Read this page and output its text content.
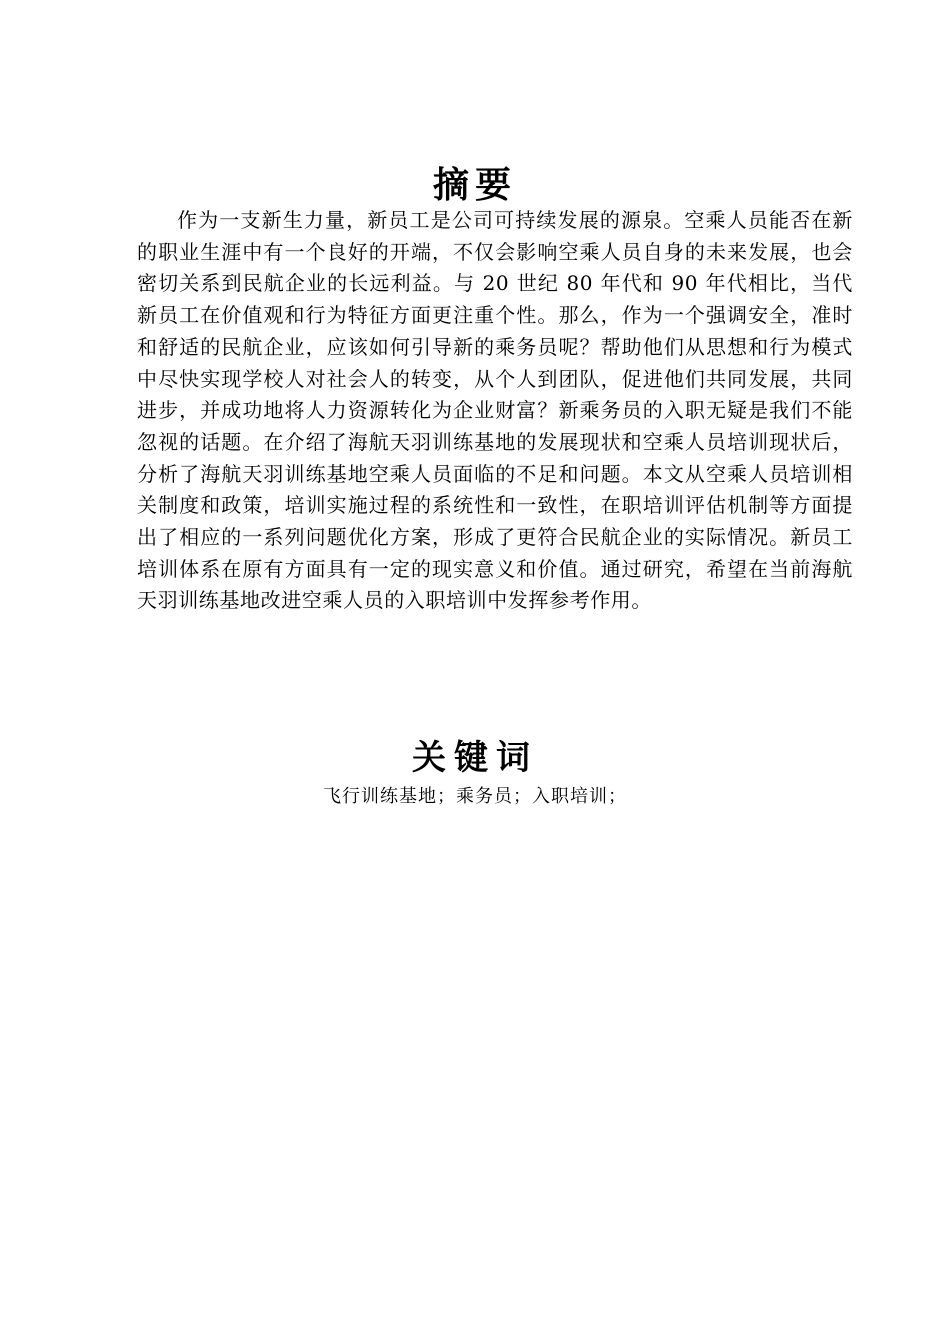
摘要

作为一支新生力量，新员工是公司可持续发展的源泉。空乘人员能否在新的职业生涯中有一个良好的开端，不仅会影响空乘人员自身的未来发展，也会密切关系到民航企业的长远利益。与 20 世纪 80 年代和 90 年代相比，当代新员工在价值观和行为特征方面更注重个性。那么，作为一个强调安全，准时和舒适的民航企业，应该如何引导新的乘务员呢？帮助他们从思想和行为模式中尽快实现学校人对社会人的转变，从个人到团队，促进他们共同发展，共同进步，并成功地将人力资源转化为企业财富？新乘务员的入职无疑是我们不能忽视的话题。在介绍了海航天羽训练基地的发展现状和空乘人员培训现状后，分析了海航天羽训练基地空乘人员面临的不足和问题。本文从空乘人员培训相关制度和政策，培训实施过程的系统性和一致性，在职培训评估机制等方面提出了相应的一系列问题优化方案，形成了更符合民航企业的实际情况。新员工培训体系在原有方面具有一定的现实意义和价值。通过研究，希望在当前海航天羽训练基地改进空乘人员的入职培训中发挥参考作用。

关键词

飞行训练基地；乘务员；入职培训；
